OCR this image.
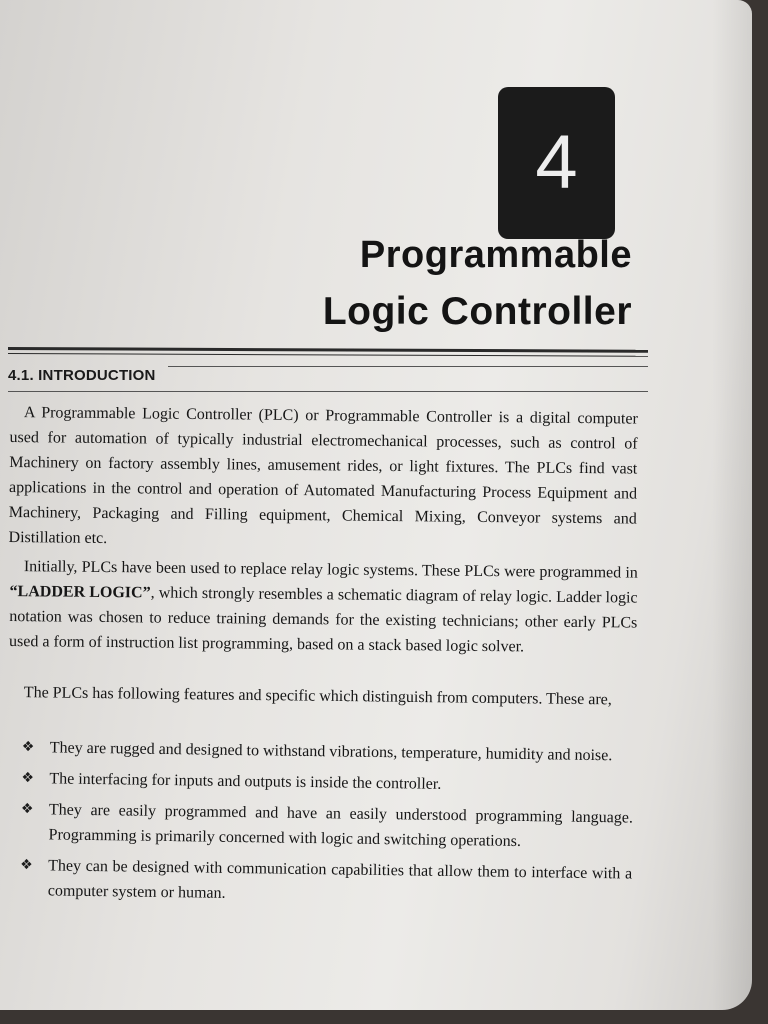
4
Programmable
Logic Controller
4.1. INTRODUCTION

A Programmable Logic Controller (PLC) or Programmable Controller is a digital computer used for automation of typically industrial electromechanical processes, such as control of Machinery on factory assembly lines, amusement rides, or light fixtures. The PLCs find vast applications in the control and operation of Automated Manufacturing Process Equipment and Machinery, Packaging and Filling equipment, Chemical Mixing, Conveyor systems and Distillation etc.

Initially, PLCs have been used to replace relay logic systems. These PLCs were programmed in “LADDER LOGIC”, which strongly resembles a schematic diagram of relay logic. Ladder logic notation was chosen to reduce training demands for the existing technicians; other early PLCs used a form of instruction list programming, based on a stack based logic solver.

The PLCs has following features and specific which distinguish from computers. These are,

❖ They are rugged and designed to withstand vibrations, temperature, humidity and noise.
❖ The interfacing for inputs and outputs is inside the controller.
❖ They are easily programmed and have an easily understood programming language. Programming is primarily concerned with logic and switching operations.
❖ They can be designed with communication capabilities that allow them to interface with a computer system or human.
